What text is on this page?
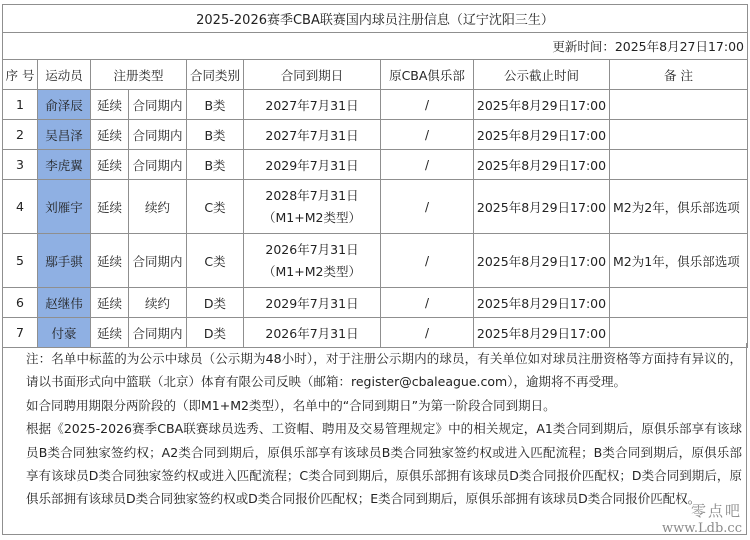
2025-2026赛季CBA联赛国内球员注册信息（辽宁沈阳三生）								
更新时间：2025年8月27日17:00								
序 号	运动员	注册类型		合同类别	合同到期日	原CBA俱乐部	公示截止时间	备 注
1	俞泽辰	延续	合同期内	B类	2027年7月31日	/	2025年8月29日17:00	
2	吴昌泽	延续	合同期内	B类	2027年7月31日	/	2025年8月29日17:00	
3	李虎翼	延续	合同期内	B类	2029年7月31日	/	2025年8月29日17:00	
4	刘雁宇	延续	续约	C类	2028年7月31日
（M1+M2类型）	/	2025年8月29日17:00	M2为2年，俱乐部选项
5	鄢手骐	延续	合同期内	C类	2026年7月31日
（M1+M2类型）	/	2025年8月29日17:00	M2为1年，俱乐部选项
6	赵继伟	延续	续约	D类	2029年7月31日	/	2025年8月29日17:00	
7	付豪	延续	合同期内	D类	2026年7月31日	/	2025年8月29日17:00	

注：名单中标蓝的为公示中球员（公示期为48小时），对于注册公示期内的球员，有关单位如对球员注册资格等方面持有异议的，请以书面形式向中篮联（北京）体育有限公司反映（邮箱：register@cbaleague.com），逾期将不再受理。

如合同聘用期限分两阶段的（即M1+M2类型），名单中的“合同到期日”为第一阶段合同到期日。

根据《2025-2026赛季CBA联赛球员选秀、工资帽、聘用及交易管理规定》中的相关规定，A1类合同到期后，原俱乐部享有该球员B类合同独家签约权；A2类合同到期后，原俱乐部享有该球员B类合同独家签约权或进入匹配流程；B类合同到期后，原俱乐部享有该球员D类合同独家签约权或进入匹配流程；C类合同到期后，原俱乐部拥有该球员D类合同报价匹配权；D类合同到期后，原俱乐部拥有该球员D类合同独家签约权或D类合同报价匹配权；E类合同到期后，原俱乐部拥有该球员D类合同报价匹配权。

零点吧
www.Ldb.cc
